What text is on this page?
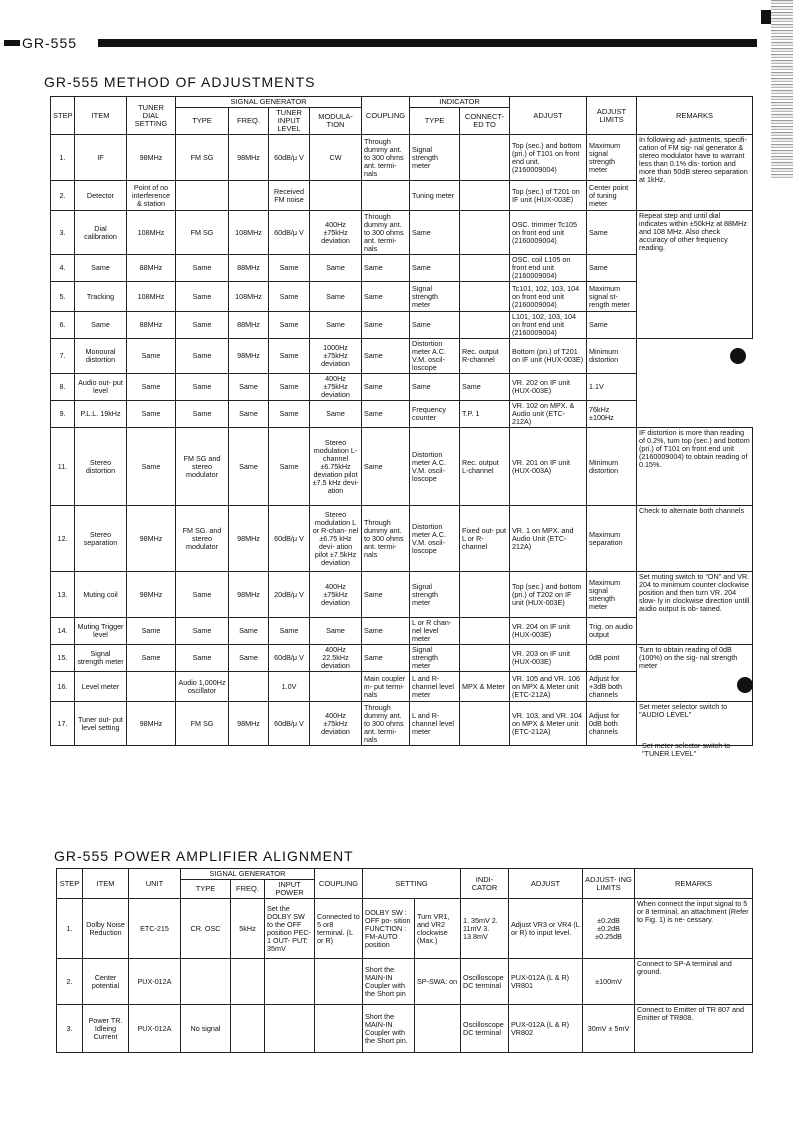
GR-555
GR-555 METHOD OF ADJUSTMENTS
STEP	ITEM	TUNER DIAL SETTING	SIGNAL GENERATOR				COUPLING	INDICATOR		ADJUST	ADJUST LIMITS	REMARKS
			TYPE	FREQ.	TUNER INPUT LEVEL	MODULA- TION		TYPE	CONNECT- ED TO			
1.	IF	98MHz	FM SG	98MHz	60dB/μ V	CW	Through dummy ant. to 300 ohms ant. termi- nals	Signal strength meter		Top (sec.) and bottom (pri.) of T101 on front end unit. (2160009004)	Maximum signal strength meter	In following ad- justments, specifi- cation of FM sig- nal generator & stereo modulator have to warrant less than 0.1% dis- tortion and more than 50dB stereo separation at 1kHz.
2.	Detector	Point of no interference & station			Received FM noise			Tuning meter		Top (sec.) of T201 on IF unit (HUX-003E)	Center point of tuning meter	
3.	Dial calibration	108MHz	FM SG	108MHz	60dB/μ V	400Hz ±75kHz deviation	Through dummy ant. to 300 ohms ant. termi- nals	Same		OSC. trimmer Tc105 on front end unit (2160009004)	Same	Repeat step and until dial indicates within ±50kHz at 88MHz and 108 MHz. Also check accuracy of other frequency reading.
4.	Same	88MHz	Same	88MHz	Same	Same	Same	Same		OSC. coil L105 on front end unit (2160009004)	Same	
5.	Tracking	108MHz	Same	108MHz	Same	Same	Same	Signal strength meter		Tc101, 102, 103, 104 on front end unit (2160009004)	Maximum signal st- rength meter	
6.	Same	88MHz	Same	88MHz	Same	Same	Same	Same		L101, 102, 103, 104 on front end unit (2160009004)	Same	
7.	Monoural distortion	Same	Same	98MHz	Same	1000Hz ±75kHz deviation	Same	Distortion meter A.C. V.M. oscil- loscope	Rec. output R-channel	Bottom (pri.) of T201 on IF unit (HUX-003E)	Minimum distortion	
8.	Audio out- put level	Same	Same	Same	Same	400Hz ±75kHz deviation	Same	Same	Same	VR. 202 on IF unit (HUX-003E)	1.1V	
9.	P.L.L. 19kHz	Same	Same	Same	Same	Same	Same	Frequency counter	T.P. 1	VR. 102 on MPX. & Audio unit (ETC-212A)	76kHz ±100Hz	
11.	Stereo distortion	Same	FM SG and stereo modulator	Same	Same	Stereo modulation L-channel ±6.75kHz deviation pilot ±7.5 kHz devi- ation	Same	Distortion meter A.C. V.M. oscil- loscope	Rec. output L-channel	VR. 201 on IF unit (HUX-003A)	Minimum distortion	IF distortion is more than reading of 0.2%, turn top (sec.) and bottom (pri.) of T101 on front end unit (2160009004) to obtain reading of 0.15%.
12.	Stereo separation	98MHz	FM SG. and stereo modulator	98MHz	60dB/μ V	Stereo modulation L or R-chan- nel ±6.75 kHz devi- ation pilot ±7.5kHz deviation	Through dummy ant. to 300 ohms ant. termi- nals	Distortion meter A.C. V.M. oscil- loscope	Fixed out- put L or R- channel	VR. 1 on MPX. and Audio Unit (ETC-212A)	Maximum separation	Check to alternate both channels
13.	Muting coil	98MHz	Same	98MHz	20dB/μ V	400Hz ±75kHz deviation	Same	Signal strength meter		Top (sec.) and bottom (pri.) of T202 on IF unit (HUX-003E)	Maximum signal strength meter	Set muting switch to "ON" and VR. 204 to minimum counter clockwise position and then turn VR. 204 slow- ly in clockwise direction untill audio output is ob- tained.
14.	Muting Trigger level	Same	Same	Same	Same	Same	Same	L or R chan- nel level meter		VR. 204 on IF unit (HUX-003E)	Trig. on audio output	
15.	Signal strength meter	Same	Same	Same	60dB/μ V	400Hz 22.5kHz deviation	Same	Signal strength meter		VR. 203 on IF unit (HUX-003E)	0dB point	Turn to obtain reading of 0dB (100%) on the sig- nal strength meter
16.	Level meter		Audio 1,000Hz oscillator		1.0V		Main coupler in- put termi- nals	L and R- channel level meter	MPX & Meter	VR. 105 and VR. 106 on MPX & Meter unit (ETC-212A)	Adjust for +3dB both channels	
17.	Tuner out- put level setting	98MHz	FM SG	98MHz	60dB/μ V	400Hz ±75kHz deviation	Through dummy ant. to 300 ohms ant. termi- nals	L and R- channel level meter		VR. 103, and VR. 104 on MPX & Meter unit (ETC-212A)	Adjust for 0dB both channels	Set meter selector switch to "AUDIO LEVEL"
GR-555 POWER AMPLIFIER ALIGNMENT
STEP	ITEM	UNIT	SIGNAL GENERATOR			COUPLING	SETTING		INDI- CATOR	ADJUST	ADJUST- ING LIMITS	REMARKS
			TYPE	FREQ.	INPUT POWER							
1.	Dolby Noise Reduction	ETC-215	CR. OSC	5kHz	Set the DOLBY SW to the OFF position PEC-1 OUT- PUT: 35mV	Connected to 5 or8 terminal. (L or R)	DOLBY SW : OFF po- sition FUNCTION : FM-AUTO position	Turn VR1, and VR2 clockwise (Max.)	1. 35mV 2. 11mV 3. 13.8mV	Adjust VR3 or VR4 (L or R) to input level.	±0.2dB ±0.2dB ±0.25dB	When connect the input signal to 5 or 8 terminal, an attachment (Refer to Fig. 1) is ne- cessary.
2.	Center potential	PUX-012A					Short the MAIN-IN Coupler with the Short pin	SP-SWA: on	Oscilloscope DC terminal	PUX-012A (L & R) VR801	±100mV	Connect to SP-A terminal and ground.
3.	Power TR. Idleing Current	PUX-012A	No signal				Short the MAIN-IN Coupler with the Short pin.		Oscilloscope DC terminal	PUX-012A (L & R) VR802	30mV ± 5mV	Connect to Emitter of TR 807 and Emitter of TR808.
Set meter selector switch to "TUNER LEVEL"
